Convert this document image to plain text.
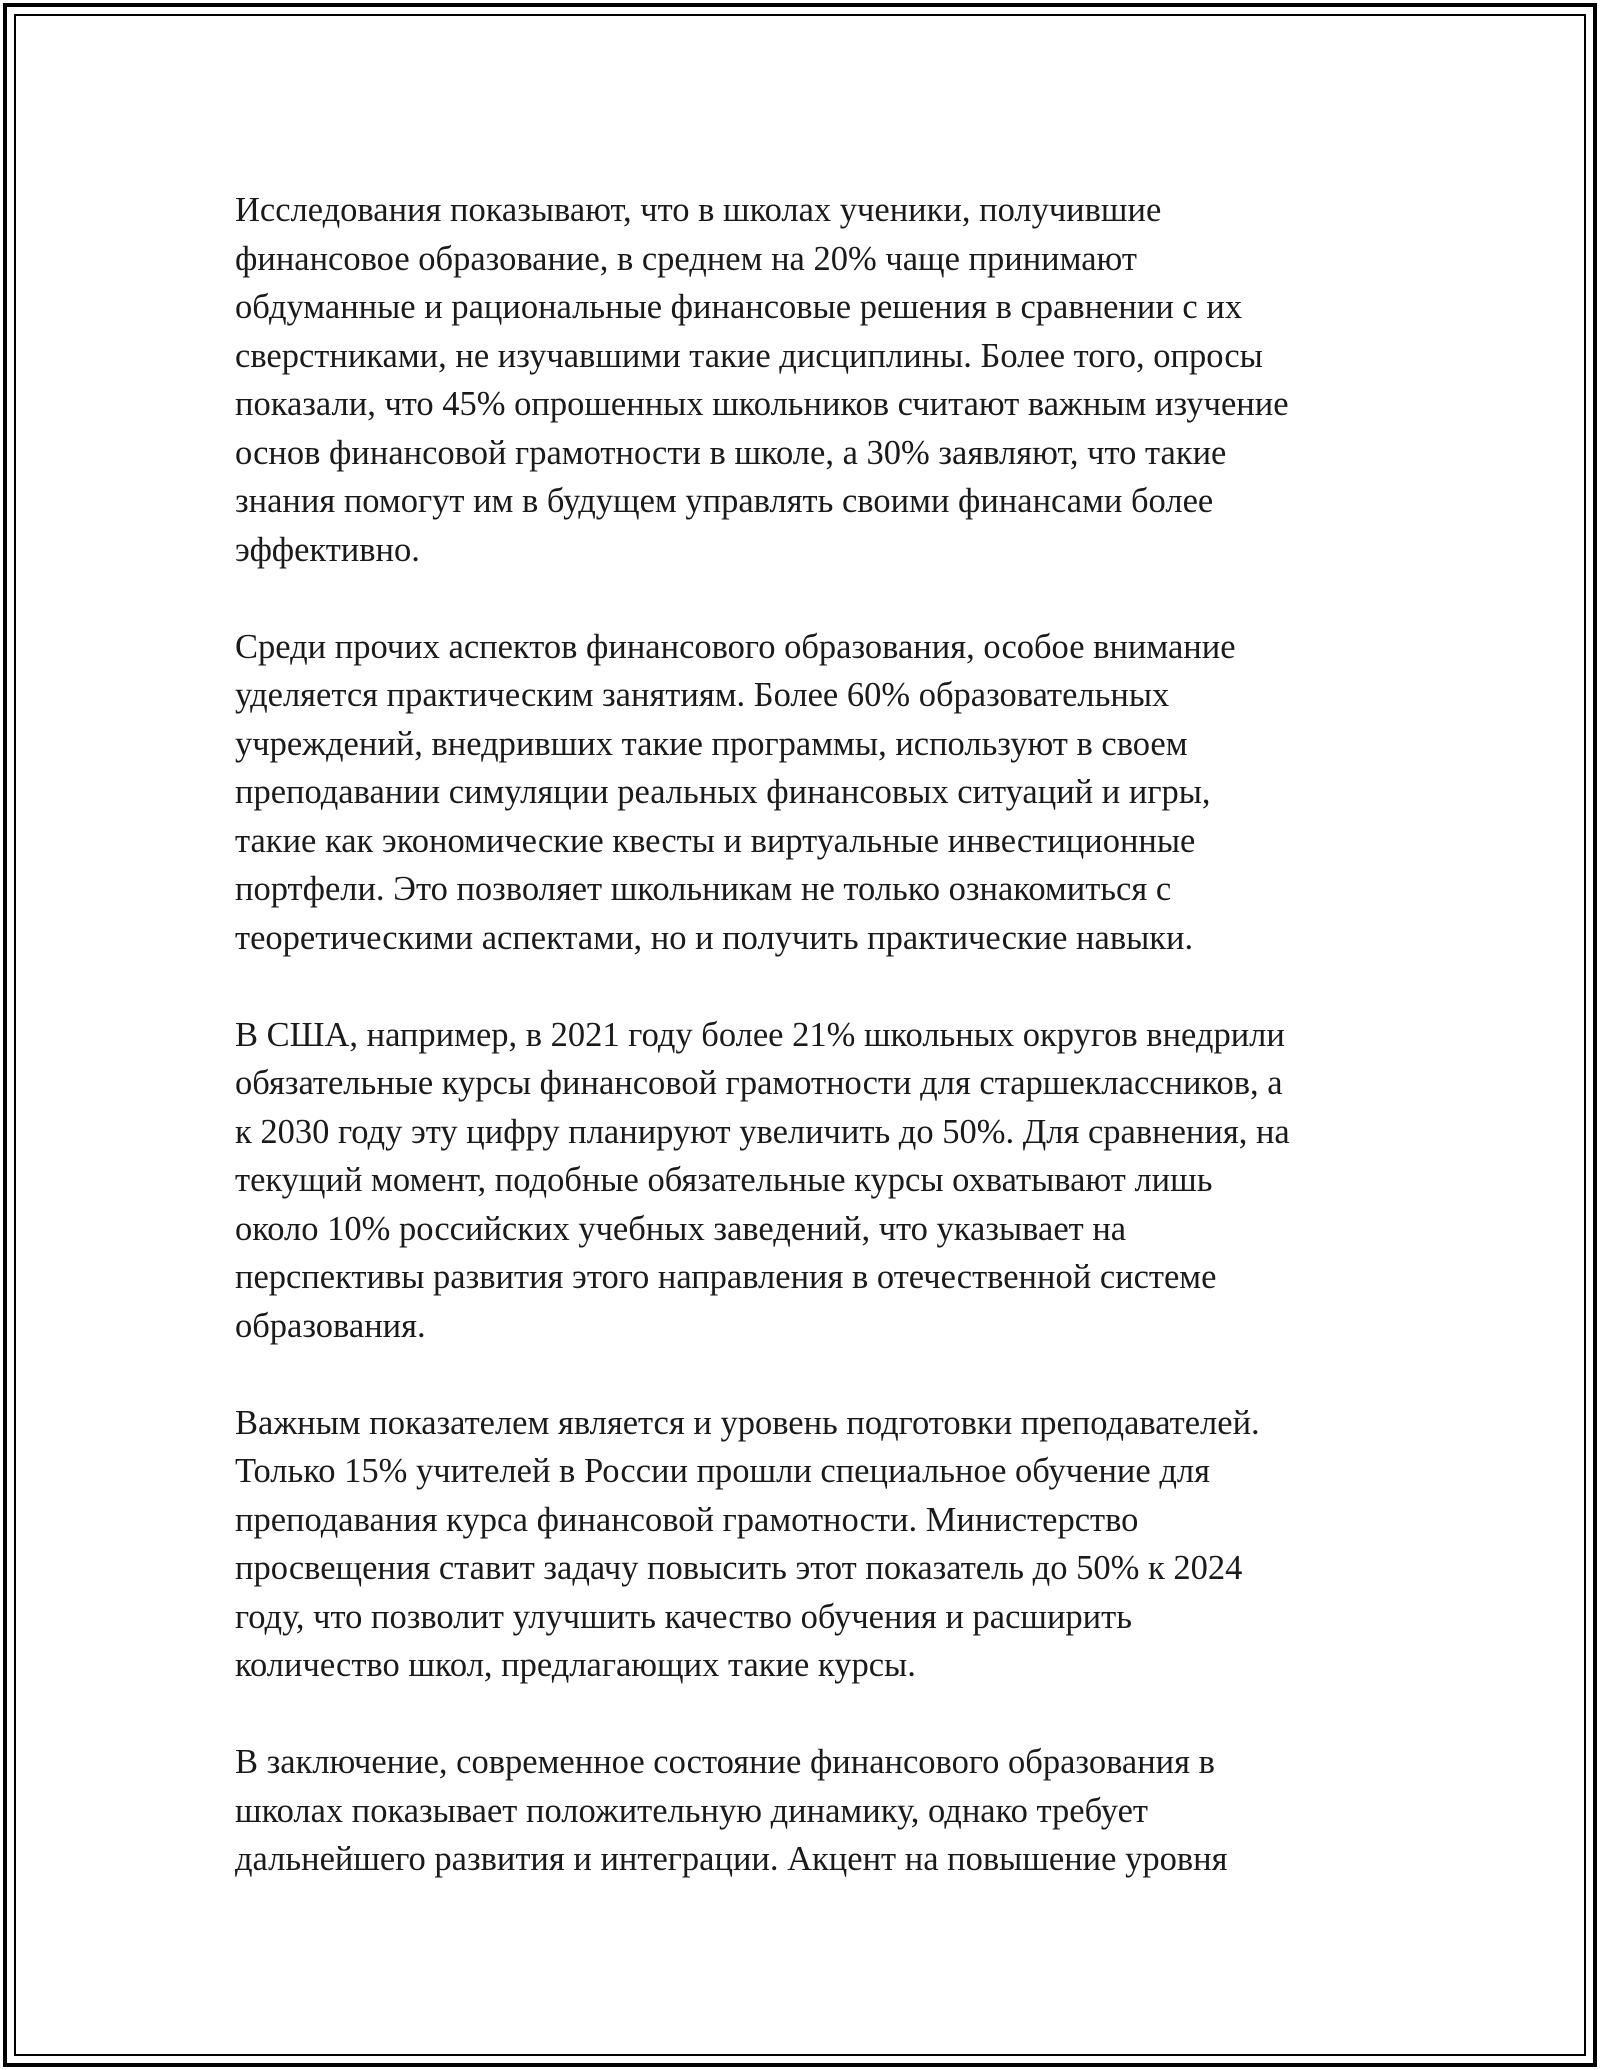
Исследования показывают, что в школах ученики, получившие
финансовое образование, в среднем на 20% чаще принимают
обдуманные и рациональные финансовые решения в сравнении с их
сверстниками, не изучавшими такие дисциплины. Более того, опросы
показали, что 45% опрошенных школьников считают важным изучение
основ финансовой грамотности в школе, а 30% заявляют, что такие
знания помогут им в будущем управлять своими финансами более
эффективно.

Среди прочих аспектов финансового образования, особое внимание
уделяется практическим занятиям. Более 60% образовательных
учреждений, внедривших такие программы, используют в своем
преподавании симуляции реальных финансовых ситуаций и игры,
такие как экономические квесты и виртуальные инвестиционные
портфели. Это позволяет школьникам не только ознакомиться с
теоретическими аспектами, но и получить практические навыки.

В США, например, в 2021 году более 21% школьных округов внедрили
обязательные курсы финансовой грамотности для старшеклассников, а
к 2030 году эту цифру планируют увеличить до 50%. Для сравнения, на
текущий момент, подобные обязательные курсы охватывают лишь
около 10% российских учебных заведений, что указывает на
перспективы развития этого направления в отечественной системе
образования.

Важным показателем является и уровень подготовки преподавателей.
Только 15% учителей в России прошли специальное обучение для
преподавания курса финансовой грамотности. Министерство
просвещения ставит задачу повысить этот показатель до 50% к 2024
году, что позволит улучшить качество обучения и расширить
количество школ, предлагающих такие курсы.

В заключение, современное состояние финансового образования в
школах показывает положительную динамику, однако требует
дальнейшего развития и интеграции. Акцент на повышение уровня
